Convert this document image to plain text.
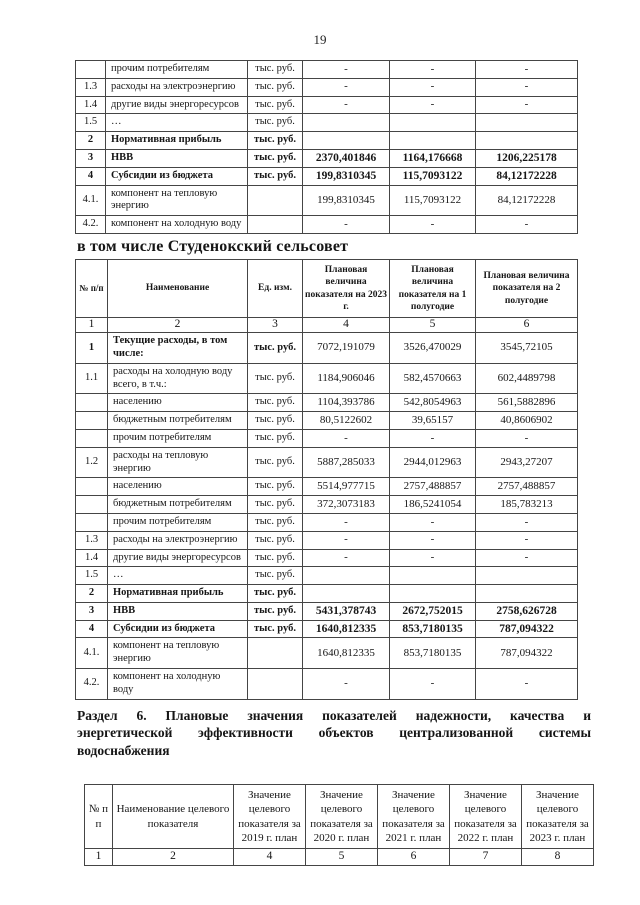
19
	прочим потребителям	тыс. руб.	-	-	-
1.3	расходы на электроэнергию	тыс. руб.	-	-	-
1.4	другие виды энергоресурсов	тыс. руб.	-	-	-
1.5	…	тыс. руб.			
2	Нормативная прибыль	тыс. руб.			
3	НВВ	тыс. руб.	2370,401846	1164,176668	1206,225178
4	Субсидии из бюджета	тыс. руб.	199,8310345	115,7093122	84,12172228
4.1.	компонент на тепловую энергию		199,8310345	115,7093122	84,12172228
4.2.	компонент на холодную воду		-	-	-
в том числе Студенокский сельсовет
№ п/п	Наименование	Ед. изм.	Плановая величина показателя на 2023 г.	Плановая величина показателя на 1 полугодие	Плановая величина показателя на 2 полугодие
1	2	3	4	5	6
1	Текущие расходы, в том числе:	тыс. руб.	7072,191079	3526,470029	3545,72105
1.1	расходы на холодную воду всего, в т.ч.:	тыс. руб.	1184,906046	582,4570663	602,4489798
	населению	тыс. руб.	1104,393786	542,8054963	561,5882896
	бюджетным потребителям	тыс. руб.	80,5122602	39,65157	40,8606902
	прочим потребителям	тыс. руб.	-	-	-
1.2	расходы на тепловую энергию	тыс. руб.	5887,285033	2944,012963	2943,27207
	населению	тыс. руб.	5514,977715	2757,488857	2757,488857
	бюджетным потребителям	тыс. руб.	372,3073183	186,5241054	185,783213
	прочим потребителям	тыс. руб.	-	-	-
1.3	расходы на электроэнергию	тыс. руб.	-	-	-
1.4	другие виды энергоресурсов	тыс. руб.	-	-	-
1.5	…	тыс. руб.			
2	Нормативная прибыль	тыс. руб.			
3	НВВ	тыс. руб.	5431,378743	2672,752015	2758,626728
4	Субсидии из бюджета	тыс. руб.	1640,812335	853,7180135	787,094322
4.1.	компонент на тепловую энергию		1640,812335	853,7180135	787,094322
4.2.	компонент на холодную воду		-	-	-
Раздел 6. Плановые значения показателей надежности, качества и энергетической эффективности объектов централизованной системы водоснабжения
№ п п	Наименование целевого показателя	Значение целевого показателя за 2019 г. план	Значение целевого показателя за 2020 г. план	Значение целевого показателя за 2021 г. план	Значение целевого показателя за 2022 г. план	Значение целевого показателя за 2023 г. план
1	2	4	5	6	7	8
